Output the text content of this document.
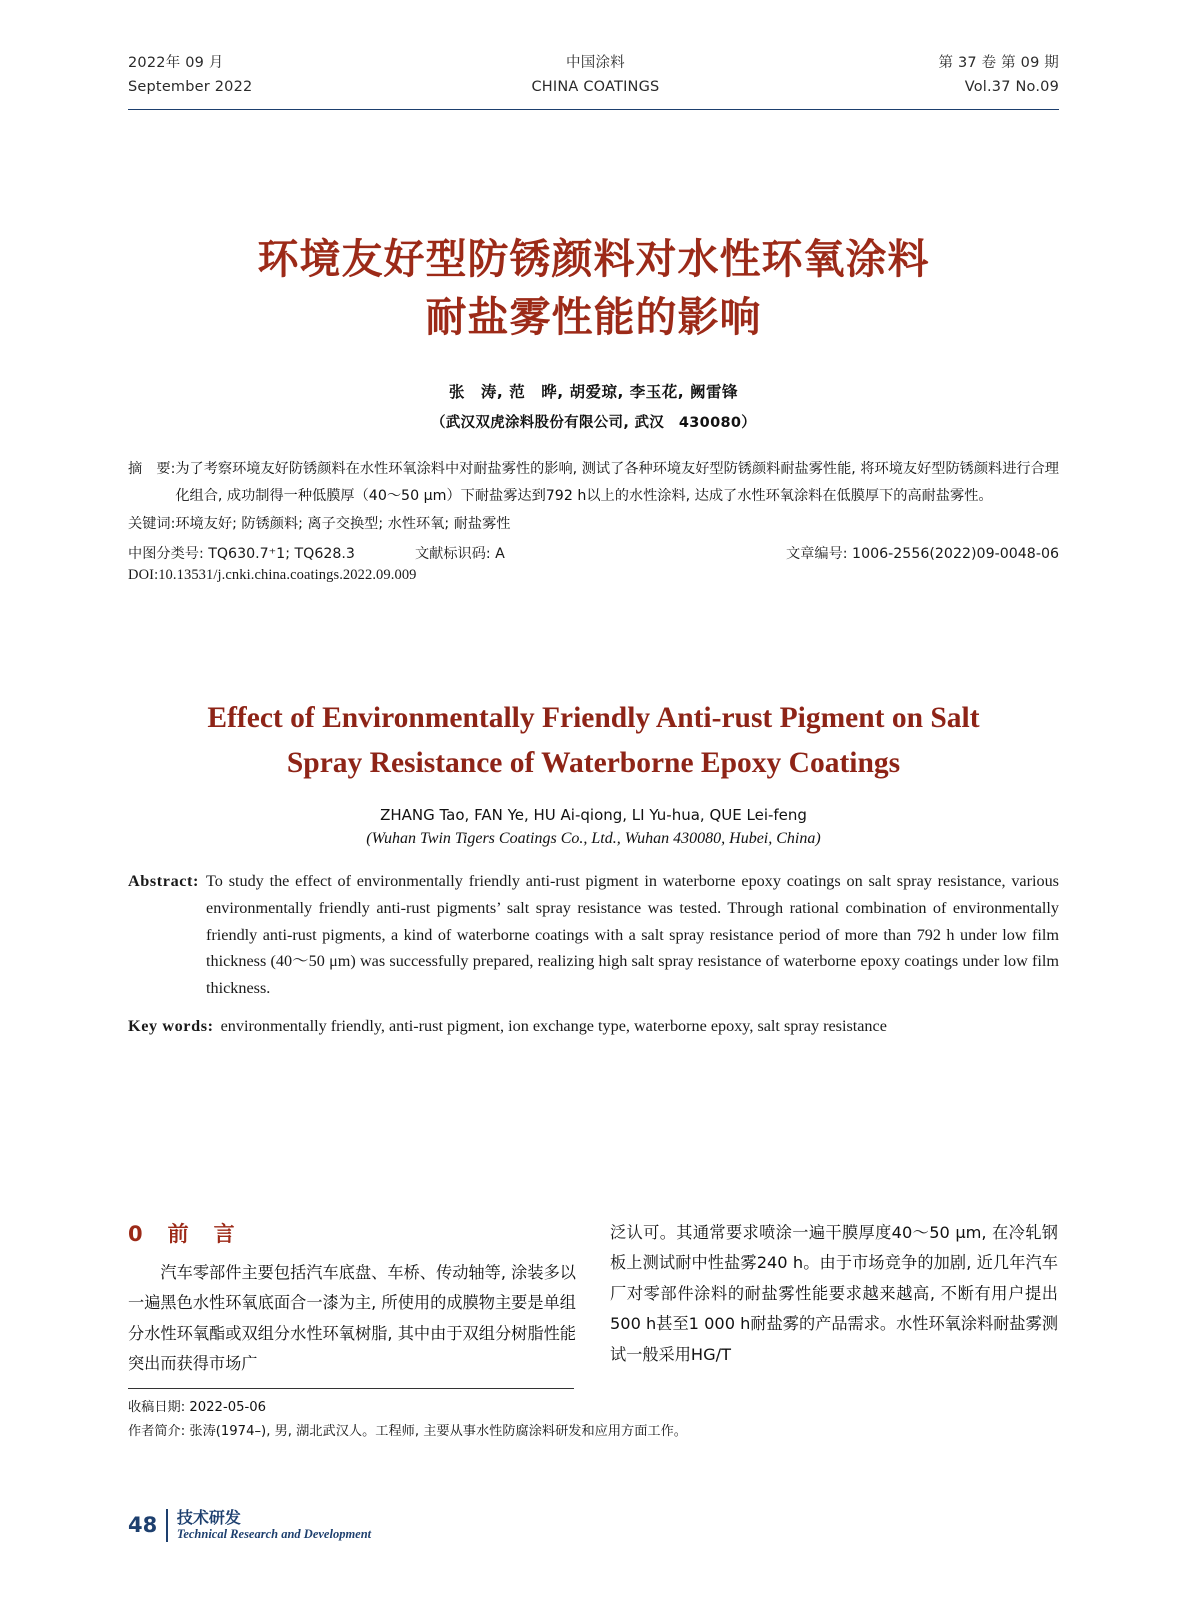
2022年 09 月
September 2022
中国涂料
CHINA COATINGS
第 37 卷 第 09 期
Vol.37 No.09
环境友好型防锈颜料对水性环氧涂料
耐盐雾性能的影响
张　涛, 范　晔, 胡爱琼, 李玉花, 阙雷锋
（武汉双虎涂料股份有限公司, 武汉　430080）
摘　要: 为了考察环境友好防锈颜料在水性环氧涂料中对耐盐雾性的影响, 测试了各种环境友好型防锈颜料耐盐雾性能, 将环境友好型防锈颜料进行合理化组合, 成功制得一种低膜厚（40～50 μm）下耐盐雾达到792 h以上的水性涂料, 达成了水性环氧涂料在低膜厚下的高耐盐雾性。
关键词: 环境友好; 防锈颜料; 离子交换型; 水性环氧; 耐盐雾性
中图分类号: TQ630.7⁺1; TQ628.3	文献标识码: A	文章编号: 1006-2556(2022)09-0048-06
DOI:10.13531/j.cnki.china.coatings.2022.09.009
Effect of Environmentally Friendly Anti-rust Pigment on Salt
Spray Resistance of Waterborne Epoxy Coatings
ZHANG Tao, FAN Ye, HU Ai-qiong, LI Yu-hua, QUE Lei-feng
(Wuhan Twin Tigers Coatings Co., Ltd., Wuhan 430080, Hubei, China)
Abstract: To study the effect of environmentally friendly anti-rust pigment in waterborne epoxy coatings on salt spray resistance, various environmentally friendly anti-rust pigments’ salt spray resistance was tested. Through rational combination of environmentally friendly anti-rust pigments, a kind of waterborne coatings with a salt spray resistance period of more than 792 h under low film thickness (40～50 μm) was successfully prepared, realizing high salt spray resistance of waterborne epoxy coatings under low film thickness.
Key words: environmentally friendly, anti-rust pigment, ion exchange type, waterborne epoxy, salt spray resistance
0　前　言
汽车零部件主要包括汽车底盘、车桥、传动轴等, 涂装多以一遍黑色水性环氧底面合一漆为主, 所使用的成膜物主要是单组分水性环氧酯或双组分水性环氧树脂, 其中由于双组分树脂性能突出而获得市场广
泛认可。其通常要求喷涂一遍干膜厚度40～50 μm, 在冷轧钢板上测试耐中性盐雾240 h。由于市场竞争的加剧, 近几年汽车厂对零部件涂料的耐盐雾性能要求越来越高, 不断有用户提出500 h甚至1 000 h耐盐雾的产品需求。水性环氧涂料耐盐雾测试一般采用HG/T
收稿日期: 2022-05-06
作者简介: 张涛(1974–), 男, 湖北武汉人。工程师, 主要从事水性防腐涂料研发和应用方面工作。
48	技术研发
Technical Research and Development
